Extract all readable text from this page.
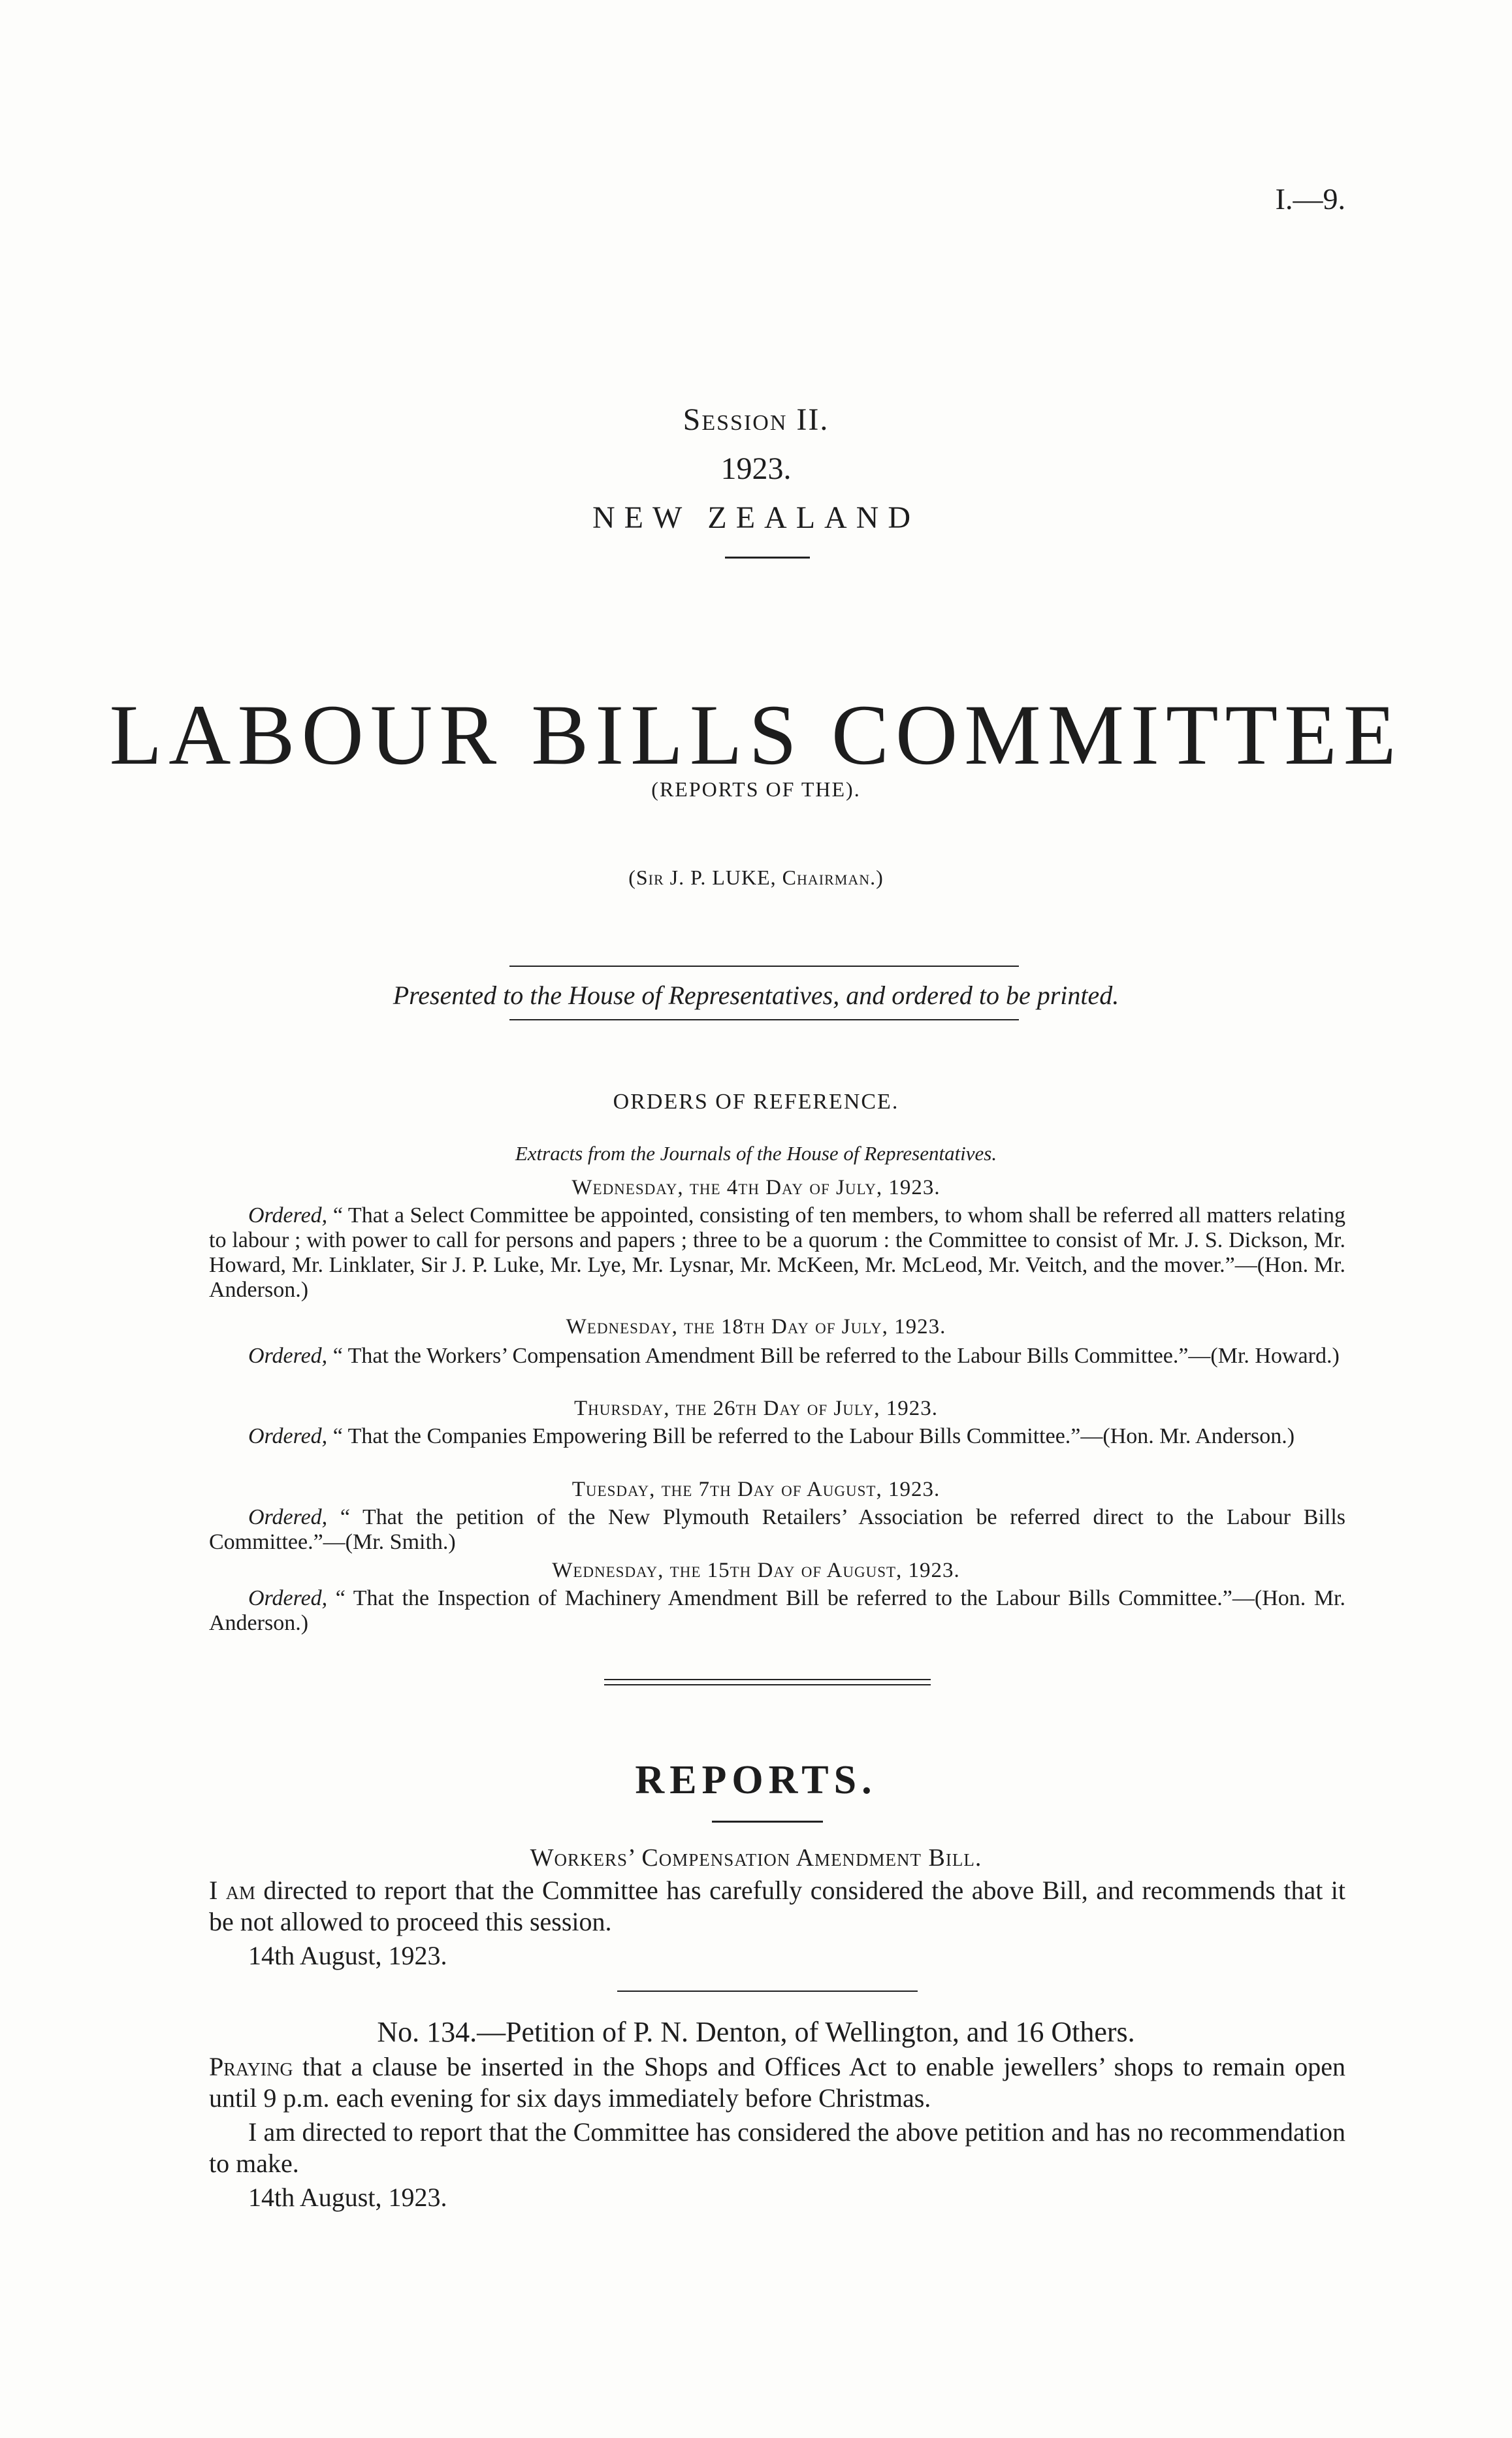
I.—9.
Session II.
1923.
NEW ZEALAND
LABOUR BILLS COMMITTEE
(REPORTS OF THE).
(Sir J. P. LUKE, Chairman.)
Presented to the House of Representatives, and ordered to be printed.
ORDERS OF REFERENCE.
Extracts from the Journals of the House of Representatives.
Wednesday, the 4th Day of July, 1923.
Ordered, “ That a Select Committee be appointed, consisting of ten members, to whom shall be referred all matters relating to labour ; with power to call for persons and papers ; three to be a quorum : the Committee to consist of Mr. J. S. Dickson, Mr. Howard, Mr. Linklater, Sir J. P. Luke, Mr. Lye, Mr. Lysnar, Mr. McKeen, Mr. McLeod, Mr. Veitch, and the mover.”—(Hon. Mr. Anderson.)
Wednesday, the 18th Day of July, 1923.
Ordered, “ That the Workers’ Compensation Amendment Bill be referred to the Labour Bills Committee.”—(Mr. Howard.)
Thursday, the 26th Day of July, 1923.
Ordered, “ That the Companies Empowering Bill be referred to the Labour Bills Committee.”—(Hon. Mr. Anderson.)
Tuesday, the 7th Day of August, 1923.
Ordered, “ That the petition of the New Plymouth Retailers’ Association be referred direct to the Labour Bills Committee.”—(Mr. Smith.)
Wednesday, the 15th Day of August, 1923.
Ordered, “ That the Inspection of Machinery Amendment Bill be referred to the Labour Bills Committee.”—(Hon. Mr. Anderson.)
REPORTS.
Workers’ Compensation Amendment Bill.
I am directed to report that the Committee has carefully considered the above Bill, and recommends that it be not allowed to proceed this session.
14th August, 1923.
No. 134.—Petition of P. N. Denton, of Wellington, and 16 Others.
Praying that a clause be inserted in the Shops and Offices Act to enable jewellers’ shops to remain open until 9 p.m. each evening for six days immediately before Christmas.
I am directed to report that the Committee has considered the above petition and has no recommendation to make.
14th August, 1923.
